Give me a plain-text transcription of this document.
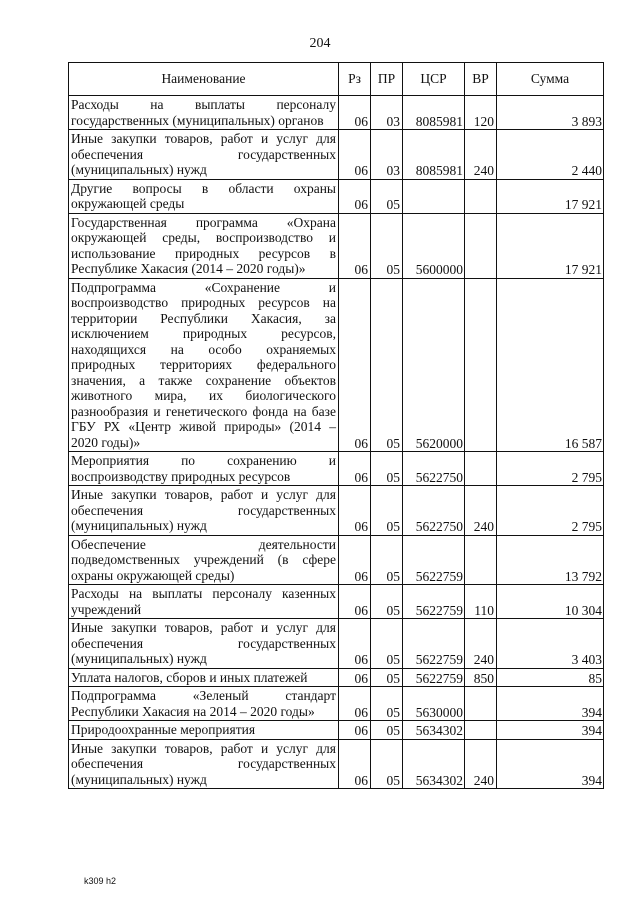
204
Наименование	Рз	ПР	ЦСР	ВР	Сумма
Расходы на выплаты персоналу государственных (муниципальных) органов	06	03	8085981	120	3 893
Иные закупки товаров, работ и услуг для обеспечения государственных (муниципальных) нужд	06	03	8085981	240	2 440
Другие вопросы в области охраны окружающей среды	06	05			17 921
Государственная программа «Охрана окружающей среды, воспроизводство и использование природных ресурсов в Республике Хакасия (2014 – 2020 годы)»	06	05	5600000		17 921
Подпрограмма «Сохранение и воспроизводство природных ресурсов на территории Республики Хакасия, за исключением природных ресурсов, находящихся на особо охраняемых природных территориях федерального значения, а также сохранение объектов животного мира, их биологического разнообразия и генетического фонда на базе ГБУ РХ «Центр живой природы» (2014 – 2020 годы)»	06	05	5620000		16 587
Мероприятия по сохранению и воспроизводству природных ресурсов	06	05	5622750		2 795
Иные закупки товаров, работ и услуг для обеспечения государственных (муниципальных) нужд	06	05	5622750	240	2 795
Обеспечение деятельности подведомственных учреждений (в сфере охраны окружающей среды)	06	05	5622759		13 792
Расходы на выплаты персоналу казенных учреждений	06	05	5622759	110	10 304
Иные закупки товаров, работ и услуг для обеспечения государственных (муниципальных) нужд	06	05	5622759	240	3 403
Уплата налогов, сборов и иных платежей	06	05	5622759	850	85
Подпрограмма «Зеленый стандарт Республики Хакасия на 2014 – 2020 годы»	06	05	5630000		394
Природоохранные мероприятия	06	05	5634302		394
Иные закупки товаров, работ и услуг для обеспечения государственных (муниципальных) нужд	06	05	5634302	240	394
k309 h2
